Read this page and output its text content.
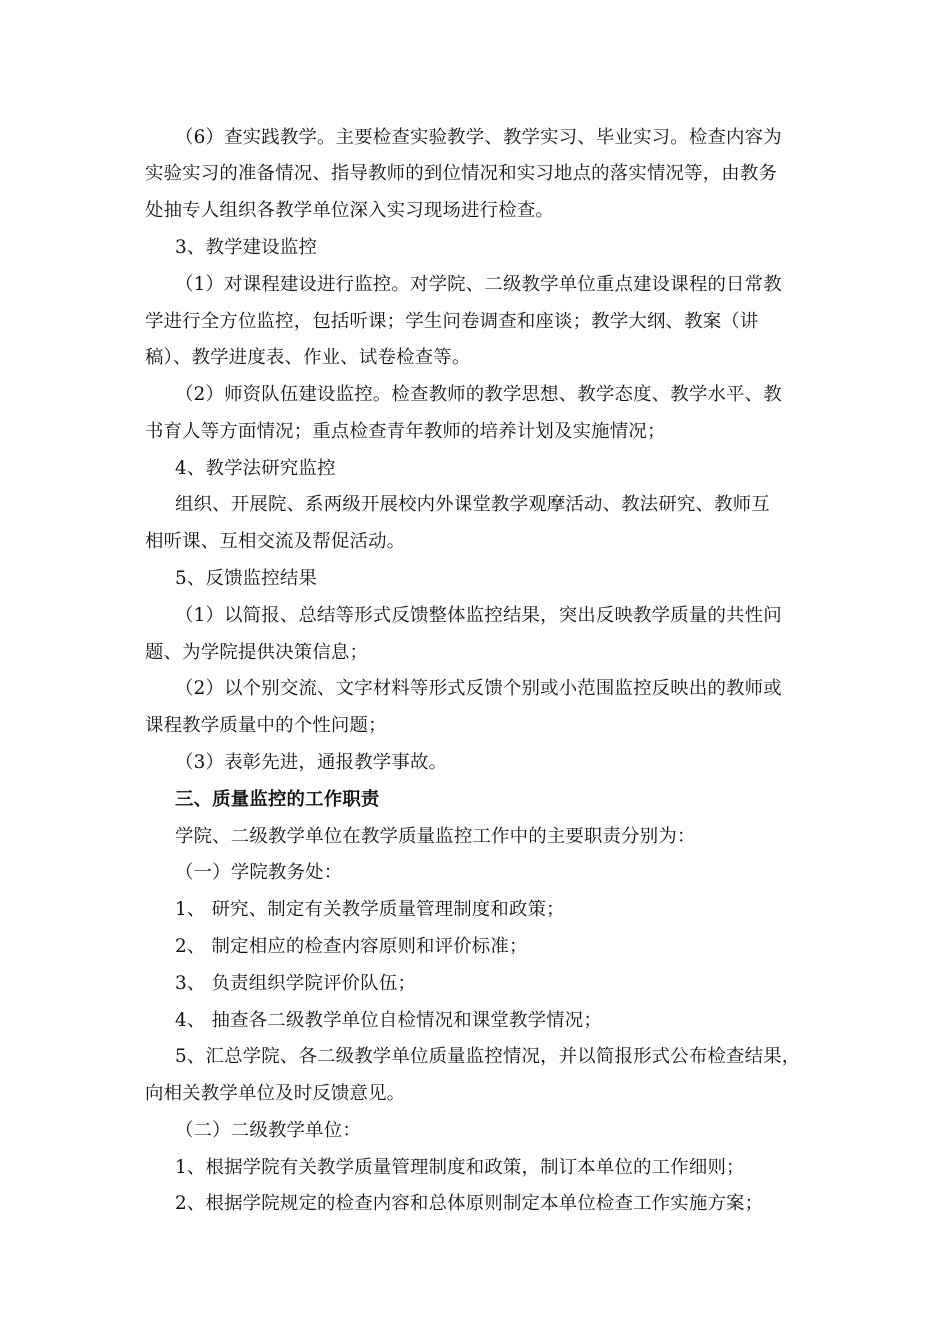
（6）查实践教学。主要检查实验教学、教学实习、毕业实习。检查内容为
实验实习的准备情况、指导教师的到位情况和实习地点的落实情况等，由教务
处抽专人组织各教学单位深入实习现场进行检查。
3、教学建设监控
（1）对课程建设进行监控。对学院、二级教学单位重点建设课程的日常教
学进行全方位监控，包括听课；学生问卷调查和座谈；教学大纲、教案（讲
稿）、教学进度表、作业、试卷检查等。
（2）师资队伍建设监控。检查教师的教学思想、教学态度、教学水平、教
书育人等方面情况；重点检查青年教师的培养计划及实施情况；
4、教学法研究监控
组织、开展院、系两级开展校内外课堂教学观摩活动、教法研究、教师互
相听课、互相交流及帮促活动。
5、反馈监控结果
（1）以简报、总结等形式反馈整体监控结果，突出反映教学质量的共性问
题、为学院提供决策信息；
（2）以个别交流、文字材料等形式反馈个别或小范围监控反映出的教师或
课程教学质量中的个性问题；
（3）表彰先进，通报教学事故。
三、质量监控的工作职责
学院、二级教学单位在教学质量监控工作中的主要职责分别为：
（一）学院教务处：
1、 研究、制定有关教学质量管理制度和政策；
2、 制定相应的检查内容原则和评价标准；
3、 负责组织学院评价队伍；
4、 抽查各二级教学单位自检情况和课堂教学情况；
5、汇总学院、各二级教学单位质量监控情况，并以简报形式公布检查结果，
向相关教学单位及时反馈意见。
（二）二级教学单位：
1、根据学院有关教学质量管理制度和政策，制订本单位的工作细则；
2、根据学院规定的检查内容和总体原则制定本单位检查工作实施方案；
